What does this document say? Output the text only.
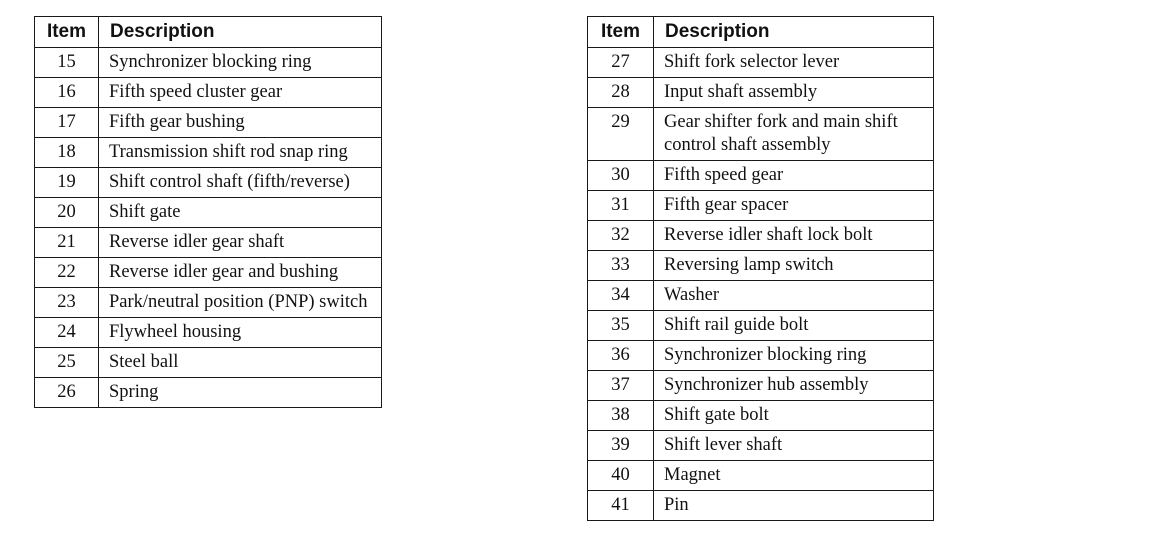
Item	Description
15	Synchronizer blocking ring
16	Fifth speed cluster gear
17	Fifth gear bushing
18	Transmission shift rod snap ring
19	Shift control shaft (fifth/reverse)
20	Shift gate
21	Reverse idler gear shaft
22	Reverse idler gear and bushing
23	Park/neutral position (PNP) switch
24	Flywheel housing
25	Steel ball
26	Spring
Item	Description
27	Shift fork selector lever
28	Input shaft assembly
29	Gear shifter fork and main shift control shaft assembly
30	Fifth speed gear
31	Fifth gear spacer
32	Reverse idler shaft lock bolt
33	Reversing lamp switch
34	Washer
35	Shift rail guide bolt
36	Synchronizer blocking ring
37	Synchronizer hub assembly
38	Shift gate bolt
39	Shift lever shaft
40	Magnet
41	Pin
